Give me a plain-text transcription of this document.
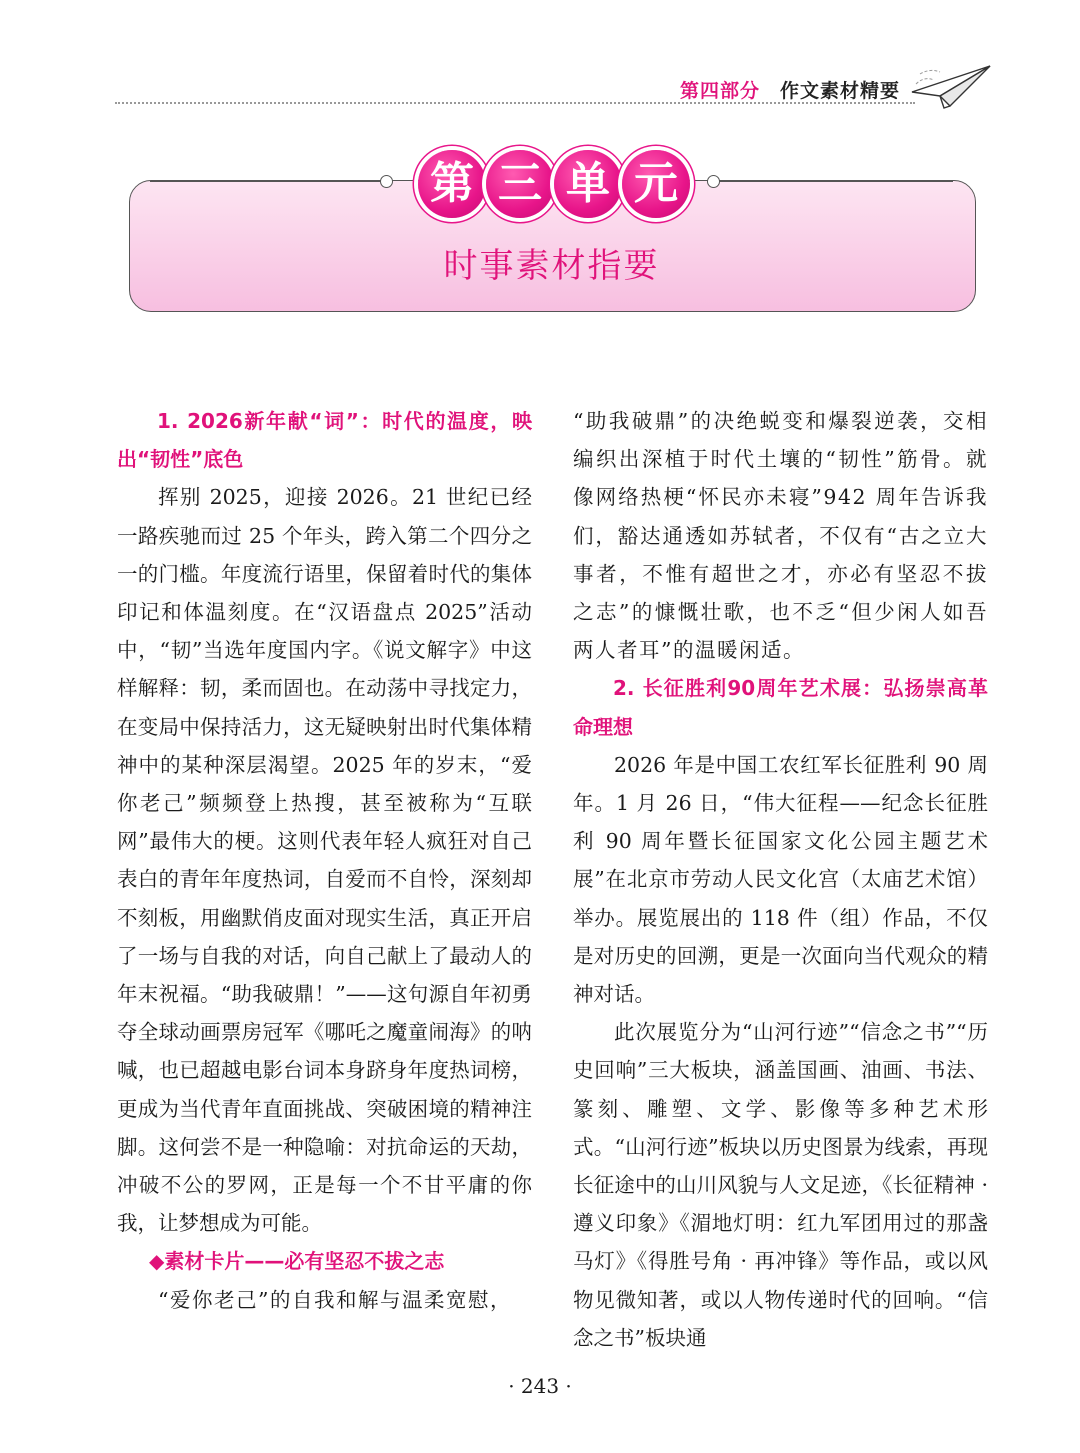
第四部分 作文素材精要
第 三 单 元
时事素材指要

1. 2026新年献“词”：时代的温度，映出“韧性”底色

挥别 2025，迎接 2026。21 世纪已经一路疾驰而过 25 个年头，跨入第二个四分之一的门槛。年度流行语里，保留着时代的集体印记和体温刻度。在“汉语盘点 2025”活动中，“韧”当选年度国内字。《说文解字》中这样解释：韧，柔而固也。在动荡中寻找定力，在变局中保持活力，这无疑映射出时代集体精神中的某种深层渴望。2025 年的岁末，“爱你老己”频频登上热搜，甚至被称为“互联网”最伟大的梗。这则代表年轻人疯狂对自己表白的青年年度热词，自爱而不自怜，深刻却不刻板，用幽默俏皮面对现实生活，真正开启了一场与自我的对话，向自己献上了最动人的年末祝福。“助我破鼎！”——这句源自年初勇夺全球动画票房冠军《哪吒之魔童闹海》的呐喊，也已超越电影台词本身跻身年度热词榜，更成为当代青年直面挑战、突破困境的精神注脚。这何尝不是一种隐喻：对抗命运的天劫，冲破不公的罗网，正是每一个不甘平庸的你我，让梦想成为可能。

◆素材卡片——必有坚忍不拔之志

“爱你老己”的自我和解与温柔宽慰，

“助我破鼎”的决绝蜕变和爆裂逆袭，交相编织出深植于时代土壤的“韧性”筋骨。就像网络热梗“怀民亦未寝”942 周年告诉我们，豁达通透如苏轼者，不仅有“古之立大事者，不惟有超世之才，亦必有坚忍不拔之志”的慷慨壮歌，也不乏“但少闲人如吾两人者耳”的温暖闲适。

2. 长征胜利90周年艺术展：弘扬崇高革命理想

2026 年是中国工农红军长征胜利 90 周年。1 月 26 日，“伟大征程——纪念长征胜利 90 周年暨长征国家文化公园主题艺术展”在北京市劳动人民文化宫（太庙艺术馆）举办。展览展出的 118 件（组）作品，不仅是对历史的回溯，更是一次面向当代观众的精神对话。

此次展览分为“山河行迹”“信念之书”“历史回响”三大板块，涵盖国画、油画、书法、篆刻、雕塑、文学、影像等多种艺术形式。“山河行迹”板块以历史图景为线索，再现长征途中的山川风貌与人文足迹，《长征精神 · 遵义印象》《湄地灯明：红九军团用过的那盏马灯》《得胜号角 · 再冲锋》等作品，或以风物见微知著，或以人物传递时代的回响。“信念之书”板块通

· 243 ·
